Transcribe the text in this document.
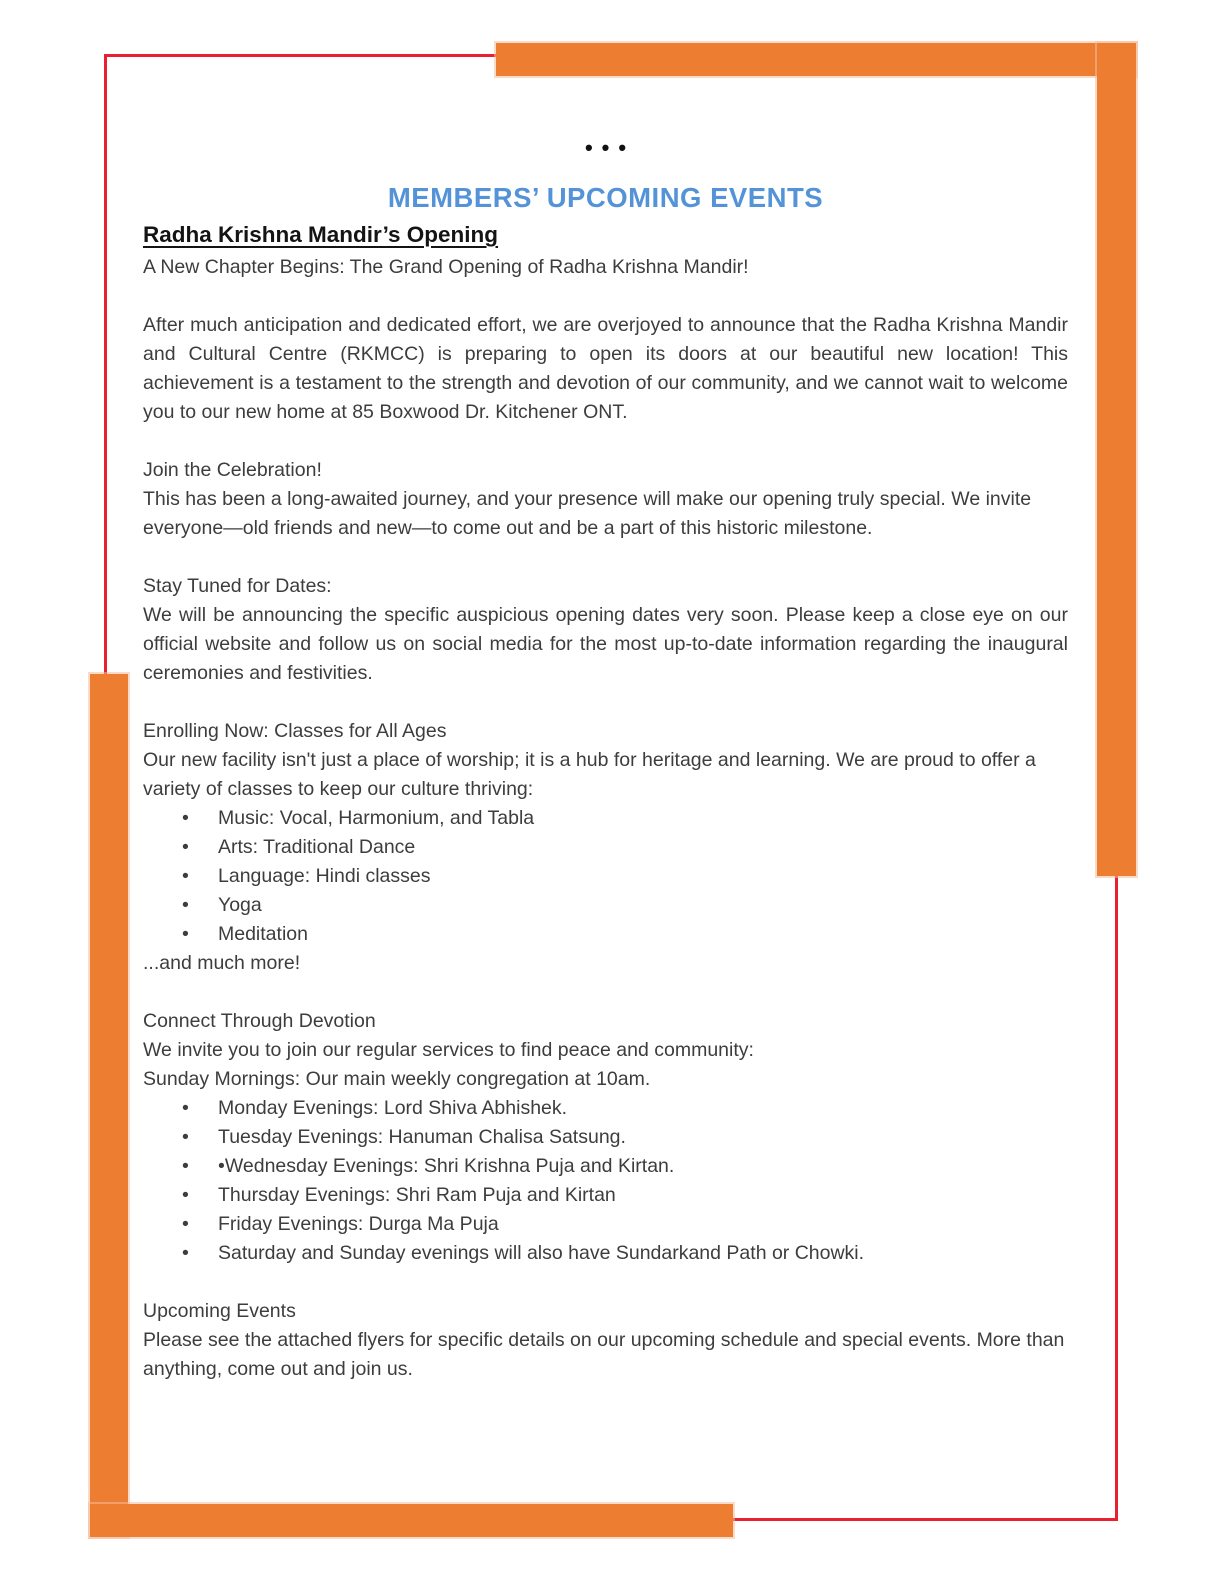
•••
MEMBERS’ UPCOMING EVENTS
Radha Krishna Mandir’s Opening
A New Chapter Begins: The Grand Opening of Radha Krishna Mandir!

After much anticipation and dedicated effort, we are overjoyed to announce that the Radha Krishna Mandir and Cultural Centre (RKMCC) is preparing to open its doors at our beautiful new location! This achievement is a testament to the strength and devotion of our community, and we cannot wait to welcome you to our new home at 85 Boxwood Dr. Kitchener ONT.

Join the Celebration!

This has been a long-awaited journey, and your presence will make our opening truly special. We invite everyone—old friends and new—to come out and be a part of this historic milestone.

Stay Tuned for Dates:

We will be announcing the specific auspicious opening dates very soon. Please keep a close eye on our official website and follow us on social media for the most up-to-date information regarding the inaugural ceremonies and festivities.

Enrolling Now: Classes for All Ages

Our new facility isn't just a place of worship; it is a hub for heritage and learning. We are proud to offer a variety of classes to keep our culture thriving:

• Music: Vocal, Harmonium, and Tabla
• Arts: Traditional Dance
• Language: Hindi classes
• Yoga
• Meditation

...and much more!

Connect Through Devotion

We invite you to join our regular services to find peace and community:

Sunday Mornings: Our main weekly congregation at 10am.

• Monday Evenings: Lord Shiva Abhishek.
• Tuesday Evenings: Hanuman Chalisa Satsung.
• •Wednesday Evenings: Shri Krishna Puja and Kirtan.
• Thursday Evenings: Shri Ram Puja and Kirtan
• Friday Evenings: Durga Ma Puja
• Saturday and Sunday evenings will also have Sundarkand Path or Chowki.

Upcoming Events

Please see the attached flyers for specific details on our upcoming schedule and special events. More than anything, come out and join us.
